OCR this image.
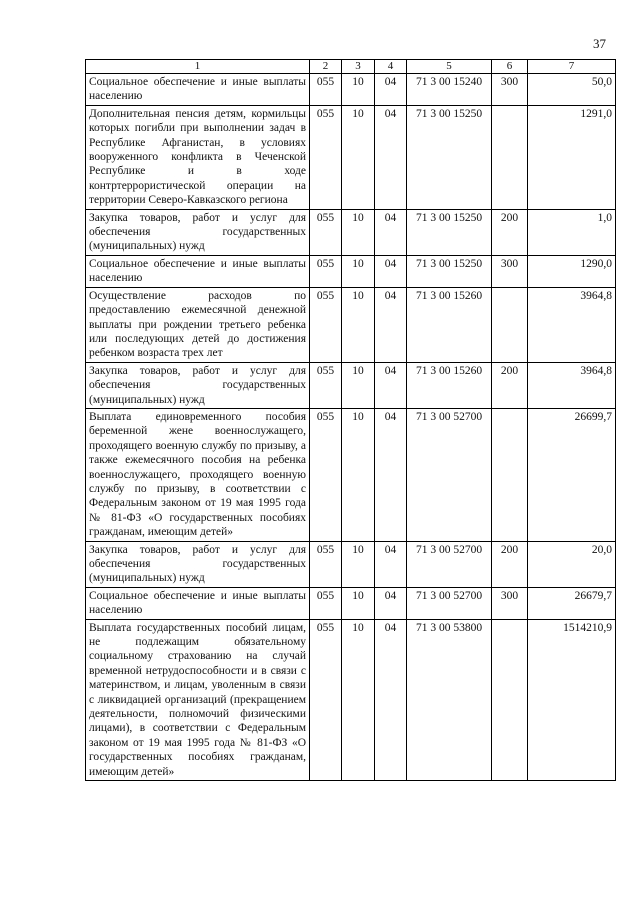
37
1	2	3	4	5	6	7
Социальное обеспечение и иные выплаты населению	055	10	04	71 3 00 15240	300	50,0
Дополнительная пенсия детям, кормильцы которых погибли при выполнении задач в Республике Афганистан, в условиях вооруженного конфликта в Чеченской Республике и в ходе контртеррористической операции на территории Северо-Кавказского региона	055	10	04	71 3 00 15250		1291,0
Закупка товаров, работ и услуг для обеспечения государственных (муниципальных) нужд	055	10	04	71 3 00 15250	200	1,0
Социальное обеспечение и иные выплаты населению	055	10	04	71 3 00 15250	300	1290,0
Осуществление расходов по предоставлению ежемесячной денежной выплаты при рождении третьего ребенка или последующих детей до достижения ребенком возраста трех лет	055	10	04	71 3 00 15260		3964,8
Закупка товаров, работ и услуг для обеспечения государственных (муниципальных) нужд	055	10	04	71 3 00 15260	200	3964,8
Выплата единовременного пособия беременной жене военнослужащего, проходящего военную службу по призыву, а также ежемесячного пособия на ребенка военнослужащего, проходящего военную службу по призыву, в соответствии с Федеральным законом от 19 мая 1995 года № 81-ФЗ «О государственных пособиях гражданам, имеющим детей»	055	10	04	71 3 00 52700		26699,7
Закупка товаров, работ и услуг для обеспечения государственных (муниципальных) нужд	055	10	04	71 3 00 52700	200	20,0
Социальное обеспечение и иные выплаты населению	055	10	04	71 3 00 52700	300	26679,7
Выплата государственных пособий лицам, не подлежащим обязательному социальному страхованию на случай временной нетрудоспособности и в связи с материнством, и лицам, уволенным в связи с ликвидацией организаций (прекращением деятельности, полномочий физическими лицами), в соответствии с Федеральным законом от 19 мая 1995 года № 81-ФЗ «О государственных пособиях гражданам, имеющим детей»	055	10	04	71 3 00 53800		1514210,9
